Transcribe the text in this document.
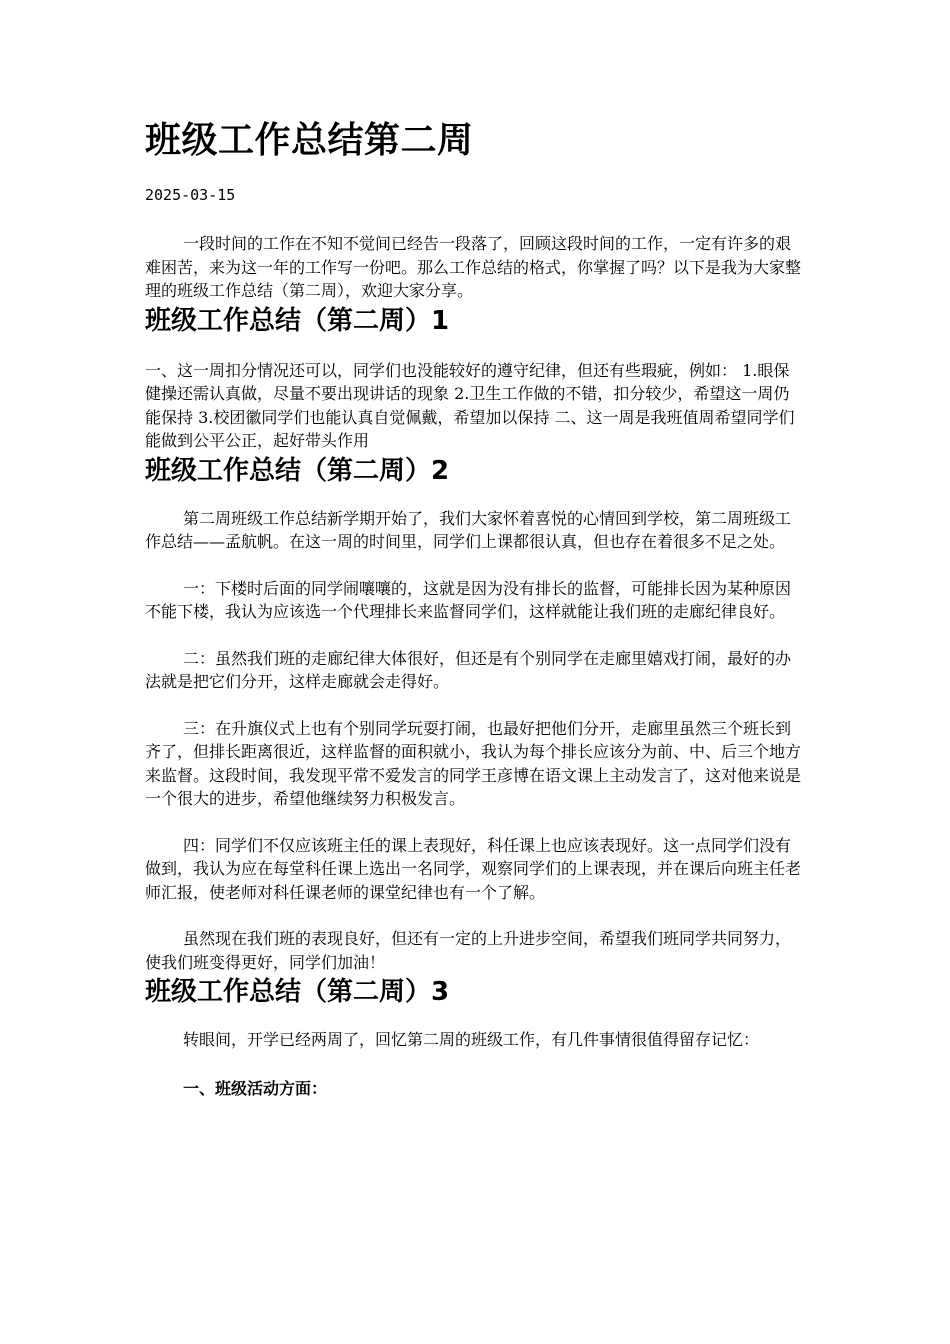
班级工作总结第二周
2025-03-15

一段时间的工作在不知不觉间已经告一段落了，回顾这段时间的工作，一定有许多的艰难困苦，来为这一年的工作写一份吧。那么工作总结的格式，你掌握了吗？以下是我为大家整理的班级工作总结（第二周），欢迎大家分享。

班级工作总结（第二周）1

一、这一周扣分情况还可以，同学们也没能较好的遵守纪律，但还有些瑕疵，例如： 1.眼保健操还需认真做，尽量不要出现讲话的现象 2.卫生工作做的不错，扣分较少，希望这一周仍能保持 3.校团徽同学们也能认真自觉佩戴，希望加以保持 二、这一周是我班值周希望同学们能做到公平公正，起好带头作用

班级工作总结（第二周）2

第二周班级工作总结新学期开始了，我们大家怀着喜悦的心情回到学校，第二周班级工作总结——孟航帆。在这一周的时间里，同学们上课都很认真，但也存在着很多不足之处。

一：下楼时后面的同学闹嚷嚷的，这就是因为没有排长的监督，可能排长因为某种原因不能下楼，我认为应该选一个代理排长来监督同学们，这样就能让我们班的走廊纪律良好。

二：虽然我们班的走廊纪律大体很好，但还是有个别同学在走廊里嬉戏打闹，最好的办法就是把它们分开，这样走廊就会走得好。

三：在升旗仪式上也有个别同学玩耍打闹，也最好把他们分开，走廊里虽然三个班长到齐了，但排长距离很近，这样监督的面积就小，我认为每个排长应该分为前、中、后三个地方来监督。这段时间，我发现平常不爱发言的同学王彦博在语文课上主动发言了，这对他来说是一个很大的进步，希望他继续努力积极发言。

四：同学们不仅应该班主任的课上表现好，科任课上也应该表现好。这一点同学们没有做到，我认为应在每堂科任课上选出一名同学，观察同学们的上课表现，并在课后向班主任老师汇报，使老师对科任课老师的课堂纪律也有一个了解。

虽然现在我们班的表现良好，但还有一定的上升进步空间，希望我们班同学共同努力，使我们班变得更好，同学们加油！

班级工作总结（第二周）3

转眼间，开学已经两周了，回忆第二周的班级工作，有几件事情很值得留存记忆：

一、班级活动方面：
